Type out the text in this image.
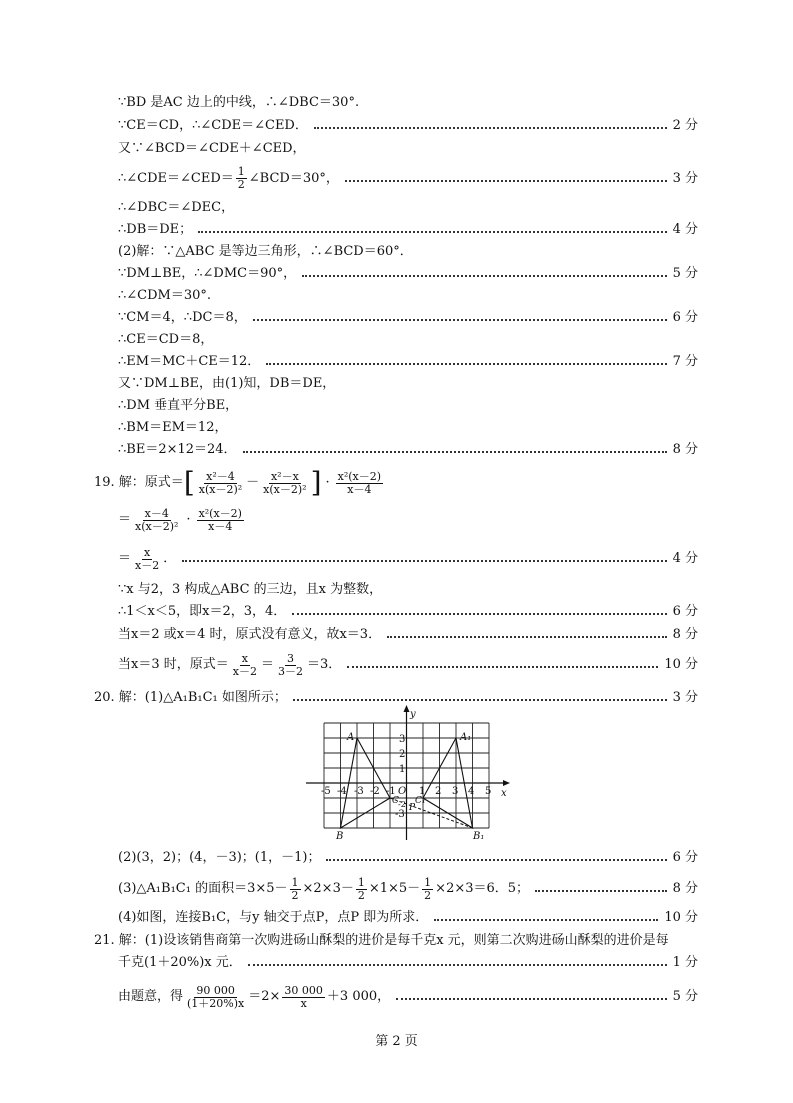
∵BD 是AC 边上的中线，∴∠DBC＝30°.
∵CE＝CD，∴∠CDE＝∠CED．	2 分
又∵∠BCD＝∠CDE＋∠CED，
∴∠CDE＝∠CED＝ $\frac{1}{2}$ ∠BCD＝30°，	3 分
∴∠DBC＝∠DEC，
∴DB＝DE；	4 分
(2)解：∵△ABC 是等边三角形，∴∠BCD＝60°．
∵DM⊥BE，∴∠DMC＝90°，	5 分
∴∠CDM＝30°.
∵CM＝4，∴DC＝8，	6 分
∴CE＝CD＝8，
∴EM＝MC＋CE＝12．	7 分
又∵DM⊥BE，由(1)知，DB＝DE，
∴DM 垂直平分BE，
∴BM＝EM＝12，
∴BE＝2×12＝24．	8 分
19. 解：原式＝ [ $\frac{\text{x²－4}}{\text{x(x－2)²}} - \frac{\text{x²－x}}{\text{x(x－2)²}}$ ] · $\frac{\text{x²(x－2)}}{x-4}$
＝ $\frac{x-4}{\text{x(x－2)²}} \cdot \frac{\text{x²(x－2)}}{x-4}$
＝ $\frac{x}{x-2}$ ．	4 分
∵x 与2，3 构成△ABC 的三边，且x 为整数，
∴1＜x＜5，即x＝2，3，4．	6 分
当x＝2 或x＝4 时，原式没有意义，故x＝3．	8 分
当x＝3 时，原式＝ $\frac{x}{x-2} = \frac{3}{3-2} =3$．	10 分
20. 解：(1)△A₁B₁C₁ 如图所示；	3 分
y
x
O
-5 -4 -3 -2 -1 1 2 3 4 5
3
2
1
-3
-2
A	A₁
B	B₁
C C₁
P
(2)(3，2)；(4，－3)；(1，－1)；	6 分
(3)△A₁B₁C₁ 的面积$=3\times 5- \frac{1}{2} \times 2\times 3- \frac{1}{2} \times 1\times 5- \frac{1}{2} \times 2\times 3=6$．5；	8 分
(4)如图，连接B₁C，与y 轴交于点P，点P 即为所求．	10 分
21. 解：(1)设该销售商第一次购进砀山酥梨的进价是每千克x 元，则第二次购进砀山酥梨的进价是每
千克(1＋20%)x 元．	1 分
由题意，得 $\frac{90 000}{(1+20\%)x} =2\times \frac{30 000}{x} +3$ 000，	5 分
第 2 页
